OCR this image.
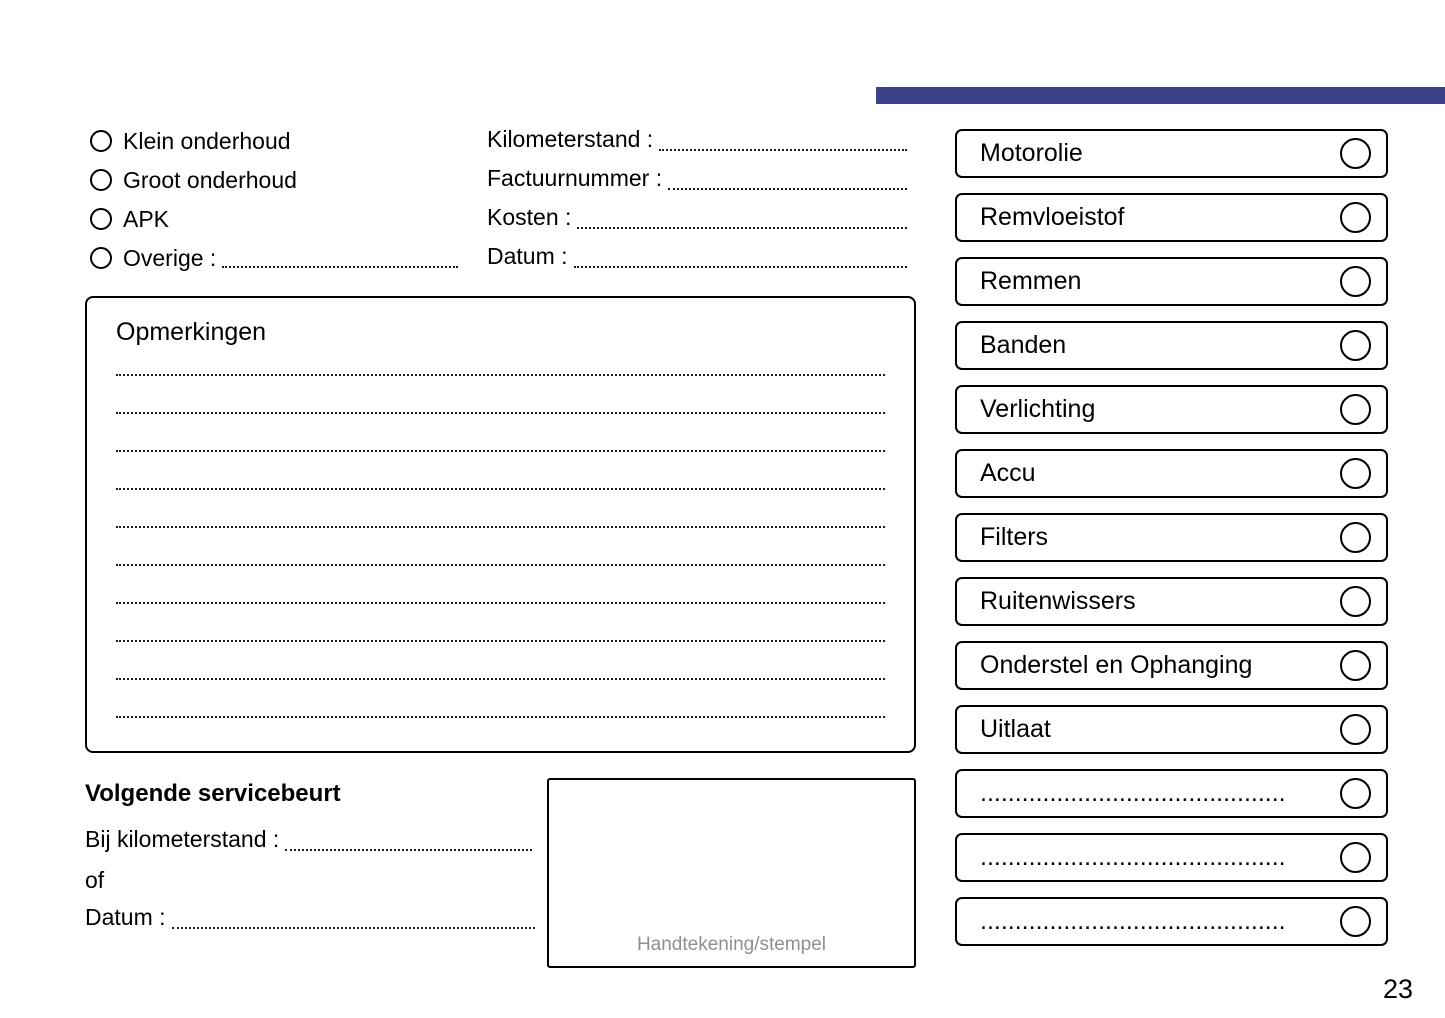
Klein onderhoud
Groot onderhoud
APK
Overige :
Kilometerstand :
Factuurnummer :
Kosten :
Datum :
Opmerkingen
Volgende servicebeurt
Bij kilometerstand :
of
Datum :
Handtekening/stempel
Motorolie
Remvloeistof
Remmen
Banden
Verlichting
Accu
Filters
Ruitenwissers
Onderstel en Ophanging
Uitlaat
............................................
............................................
............................................
23
